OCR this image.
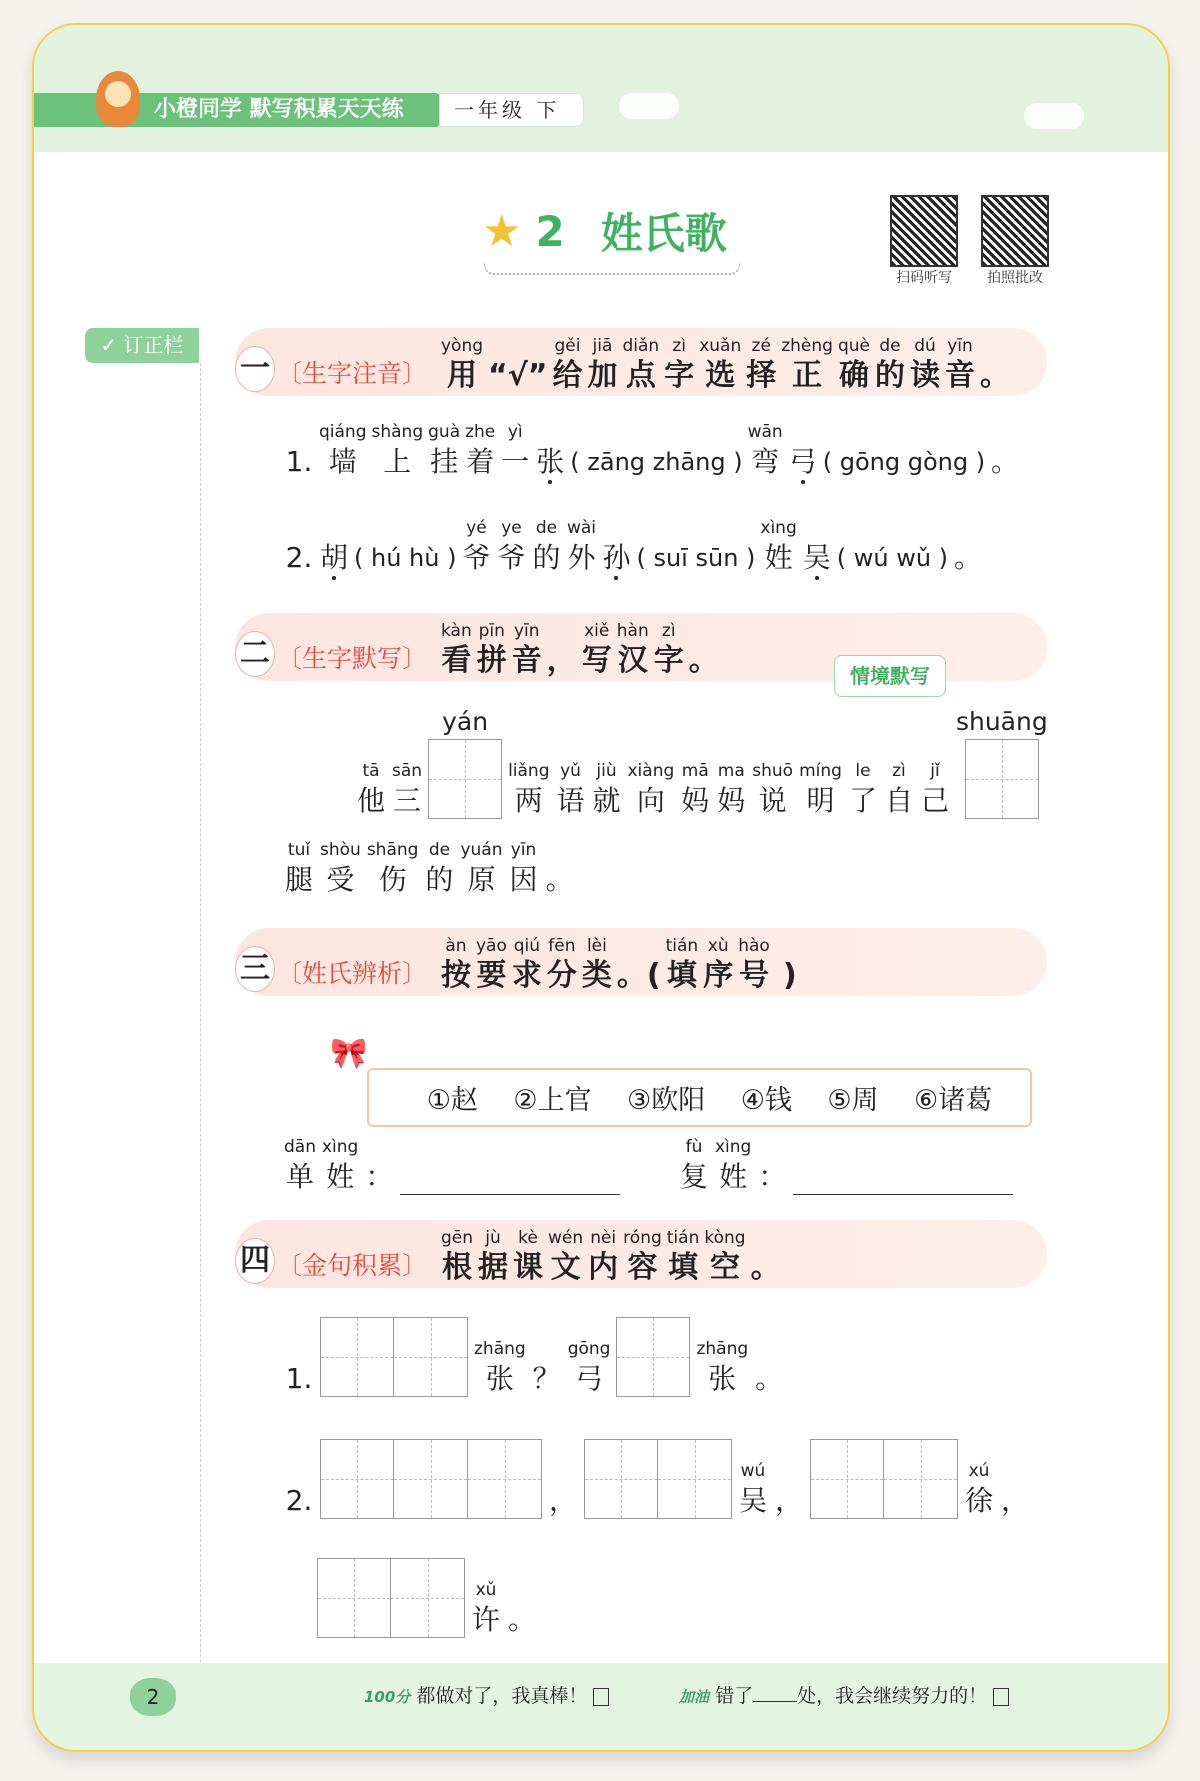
小橙同学 默写积累天天练	一年级 下
★ 2 姓氏歌
扫码听写	拍照批改
✓ 订正栏
一 〔生字注音〕
yòng
用 “√”
gěi
给
jiā
加
diǎn
点
zì
字
xuǎn
选
zé
择
zhèng
正
què
确
de
的
dú
读
yīn
音 。
1.
qiáng
墙
shàng
上
guà
挂
zhe
着
yì
一 张 ( zāng zhāng )
wān
弯 弓 ( gōng gòng ) 。
2. 胡 ( hú hù )
yé
爷
ye
爷
de
的
wài
外 孙 ( suī sūn )
xìng
姓 吴 ( wú wǔ ) 。
二 〔生字默写〕
kàn
看
pīn
拼
yīn
音 ，
xiě
写
hàn
汉
zì
字 。	情境默写
tā
他
sān
三
yán
liǎng
两
yǔ
语
jiù
就
xiàng
向
mā
妈
ma
妈
shuō
说
míng
明
le
了
zì
自
jǐ
己
shuāng
tuǐ
腿
shòu
受
shāng
伤
de
的
yuán
原
yīn
因 。
三 〔姓氏辨析〕
àn
按
yāo
要
qiú
求
fēn
分
lèi
类 。(
tián
填
xù
序
hào
号 )
①赵 ②上官 ③欧阳 ④钱 ⑤周 ⑥诸葛
🎀
dān
单
xìng
姓 ：
fù
复
xìng
姓 ：
四 〔金句积累〕
gēn
根
jù
据
kè
课
wén
文
nèi
内
róng
容
tián
填
kòng
空 。
1.
zhāng
张 ？
gōng
弓
zhāng
张 。
2.	，
wú
吴 ，
xú
徐 ，
xǔ
许 。
2	100分 都做对了，我真棒！	加油 错了 处，我会继续努力的！
